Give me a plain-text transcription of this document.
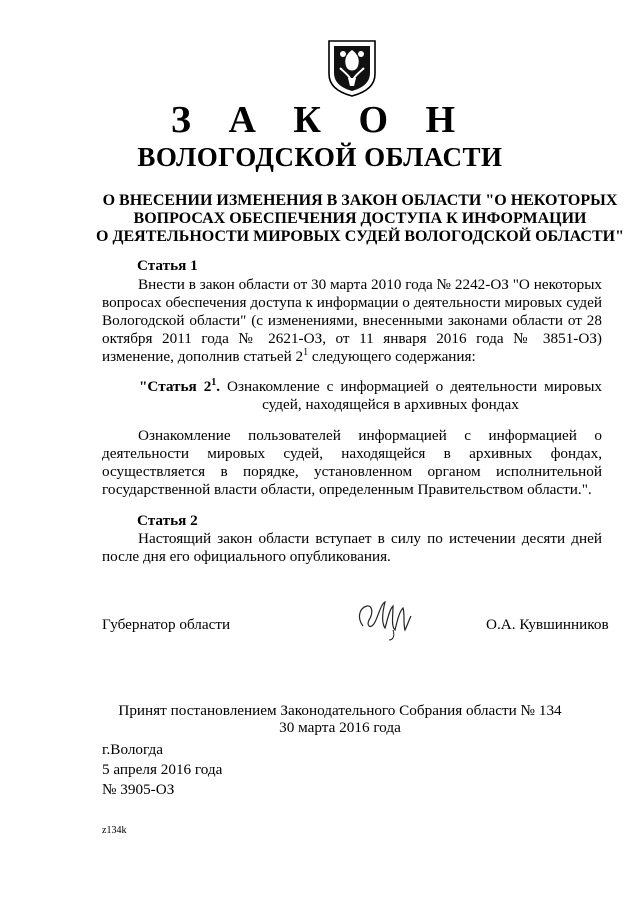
З А К О Н
ВОЛОГОДСКОЙ ОБЛАСТИ
О ВНЕСЕНИИ ИЗМЕНЕНИЯ В ЗАКОН ОБЛАСТИ "О НЕКОТОРЫХ
ВОПРОСАХ ОБЕСПЕЧЕНИЯ ДОСТУПА К ИНФОРМАЦИИ
О ДЕЯТЕЛЬНОСТИ МИРОВЫХ СУДЕЙ ВОЛОГОДСКОЙ ОБЛАСТИ"
Статья 1
Внести в закон области от 30 марта 2010 года № 2242-ОЗ "О некоторых вопросах обеспечения доступа к информации о деятельности мировых судей Вологодской области" (с изменениями, внесенными законами области от 28 октября 2011 года № 2621-ОЗ, от 11 января 2016 года № 3851-ОЗ) изменение, дополнив статьей $2^1$ следующего содержания:
"Статья $2^1$. Ознакомление с информацией о деятельности мировых
судей, находящейся в архивных фондах
Ознакомление пользователей информацией с информацией о деятельности мировых судей, находящейся в архивных фондах, осуществляется в порядке, установленном органом исполнительной государственной власти области, определенным Правительством области.".
Статья 2
Настоящий закон области вступает в силу по истечении десяти дней после дня его официального опубликования.
Губернатор области	О.А. Кувшинников
Принят постановлением Законодательного Собрания области № 134
30 марта 2016 года
г.Вологда
5 апреля 2016 года
№ 3905-ОЗ
z134k
